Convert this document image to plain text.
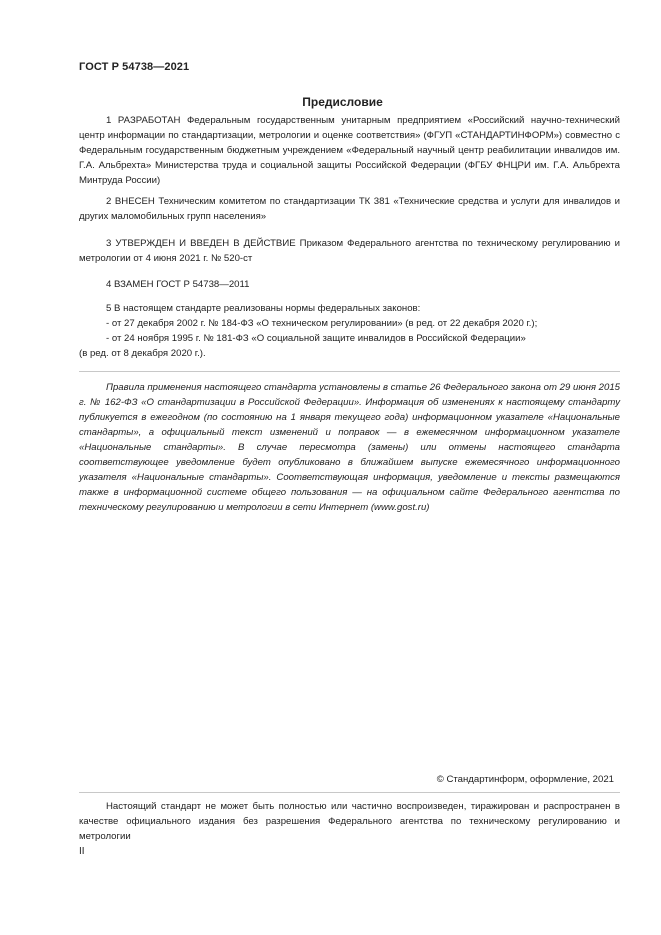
ГОСТ Р 54738—2021
Предисловие
1 РАЗРАБОТАН Федеральным государственным унитарным предприятием «Российский научно-технический центр информации по стандартизации, метрологии и оценке соответствия» (ФГУП «СТАНДАРТИНФОРМ») совместно с Федеральным государственным бюджетным учреждением «Федеральный научный центр реабилитации инвалидов им. Г.А. Альбрехта» Министерства труда и социальной защиты Российской Федерации (ФГБУ ФНЦРИ им. Г.А. Альбрехта Минтруда России)
2 ВНЕСЕН Техническим комитетом по стандартизации ТК 381 «Технические средства и услуги для инвалидов и других маломобильных групп населения»
3 УТВЕРЖДЕН И ВВЕДЕН В ДЕЙСТВИЕ Приказом Федерального агентства по техническому регулированию и метрологии от 4 июня 2021 г. № 520-ст
4 ВЗАМЕН ГОСТ Р 54738—2011
5 В настоящем стандарте реализованы нормы федеральных законов:
- от 27 декабря 2002 г. № 184-ФЗ «О техническом регулировании» (в ред. от 22 декабря 2020 г.);
- от 24 ноября 1995 г. № 181-ФЗ «О социальной защите инвалидов в Российской Федерации»
(в ред. от 8 декабря 2020 г.).
Правила применения настоящего стандарта установлены в статье 26 Федерального закона от 29 июня 2015 г. № 162-ФЗ «О стандартизации в Российской Федерации». Информация об изменениях к настоящему стандарту публикуется в ежегодном (по состоянию на 1 января текущего года) информационном указателе «Национальные стандарты», а официальный текст изменений и поправок — в ежемесячном информационном указателе «Национальные стандарты». В случае пересмотра (замены) или отмены настоящего стандарта соответствующее уведомление будет опубликовано в ближайшем выпуске ежемесячного информационного указателя «Национальные стандарты». Соответствующая информация, уведомление и тексты размещаются также в информационной системе общего пользования — на официальном сайте Федерального агентства по техническому регулированию и метрологии в сети Интернет (www.gost.ru)
© Стандартинформ, оформление, 2021
Настоящий стандарт не может быть полностью или частично воспроизведен, тиражирован и распространен в качестве официального издания без разрешения Федерального агентства по техническому регулированию и метрологии
II
